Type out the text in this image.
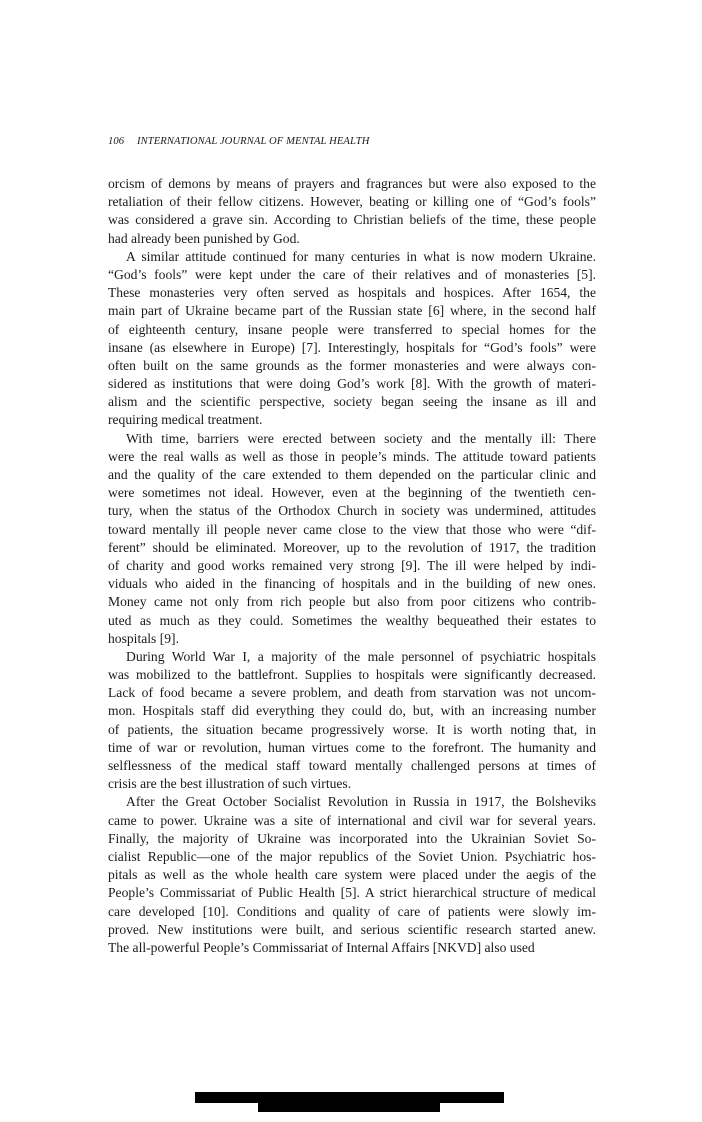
106 INTERNATIONAL JOURNAL OF MENTAL HEALTH
orcism of demons by means of prayers and fragrances but were also exposed to the
retaliation of their fellow citizens. However, beating or killing one of “God’s fools”
was considered a grave sin. According to Christian beliefs of the time, these people
had already been punished by God.
A similar attitude continued for many centuries in what is now modern Ukraine.
“God’s fools” were kept under the care of their relatives and of monasteries [5].
These monasteries very often served as hospitals and hospices. After 1654, the
main part of Ukraine became part of the Russian state [6] where, in the second half
of eighteenth century, insane people were transferred to special homes for the
insane (as elsewhere in Europe) [7]. Interestingly, hospitals for “God’s fools” were
often built on the same grounds as the former monasteries and were always con-
sidered as institutions that were doing God’s work [8]. With the growth of materi-
alism and the scientific perspective, society began seeing the insane as ill and
requiring medical treatment.
With time, barriers were erected between society and the mentally ill: There
were the real walls as well as those in people’s minds. The attitude toward patients
and the quality of the care extended to them depended on the particular clinic and
were sometimes not ideal. However, even at the beginning of the twentieth cen-
tury, when the status of the Orthodox Church in society was undermined, attitudes
toward mentally ill people never came close to the view that those who were “dif-
ferent” should be eliminated. Moreover, up to the revolution of 1917, the tradition
of charity and good works remained very strong [9]. The ill were helped by indi-
viduals who aided in the financing of hospitals and in the building of new ones.
Money came not only from rich people but also from poor citizens who contrib-
uted as much as they could. Sometimes the wealthy bequeathed their estates to
hospitals [9].
During World War I, a majority of the male personnel of psychiatric hospitals
was mobilized to the battlefront. Supplies to hospitals were significantly decreased.
Lack of food became a severe problem, and death from starvation was not uncom-
mon. Hospitals staff did everything they could do, but, with an increasing number
of patients, the situation became progressively worse. It is worth noting that, in
time of war or revolution, human virtues come to the forefront. The humanity and
selflessness of the medical staff toward mentally challenged persons at times of
crisis are the best illustration of such virtues.
After the Great October Socialist Revolution in Russia in 1917, the Bolsheviks
came to power. Ukraine was a site of international and civil war for several years.
Finally, the majority of Ukraine was incorporated into the Ukrainian Soviet So-
cialist Republic—one of the major republics of the Soviet Union. Psychiatric hos-
pitals as well as the whole health care system were placed under the aegis of the
People’s Commissariat of Public Health [5]. A strict hierarchical structure of medical
care developed [10]. Conditions and quality of care of patients were slowly im-
proved. New institutions were built, and serious scientific research started anew.
The all-powerful People’s Commissariat of Internal Affairs [NKVD] also used
